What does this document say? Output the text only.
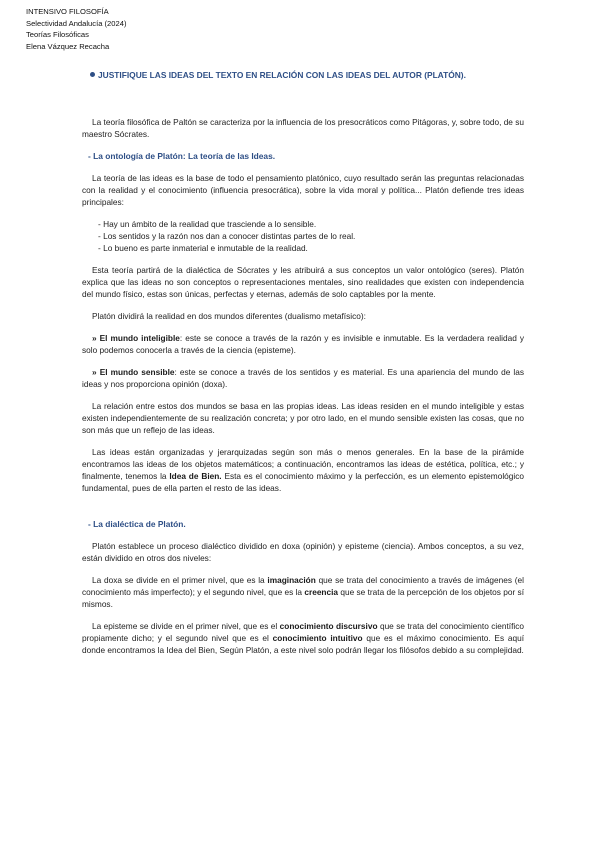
INTENSIVO FILOSOFÍA
Selectividad Andalucía (2024)
Teorías Filosóficas
Elena Vázquez Recacha
JUSTIFIQUE LAS IDEAS DEL TEXTO EN RELACIÓN CON LAS IDEAS DEL AUTOR (PLATÓN).

La teoría filosófica de Paltón se caracteriza por la influencia de los presocráticos como Pitágoras, y, sobre todo, de su maestro Sócrates.

- La ontología de Platón: La teoría de las Ideas.

La teoría de las ideas es la base de todo el pensamiento platónico, cuyo resultado serán las preguntas relacionadas con la realidad y el conocimiento (influencia presocrática), sobre la vida moral y política... Platón defiende tres ideas principales:

- Hay un ámbito de la realidad que trasciende a lo sensible.
- Los sentidos y la razón nos dan a conocer distintas partes de lo real.
- Lo bueno es parte inmaterial e inmutable de la realidad.

Esta teoría partirá de la dialéctica de Sócrates y les atribuirá a sus conceptos un valor ontológico (seres). Platón explica que las ideas no son conceptos o representaciones mentales, sino realidades que existen con independencia del mundo físico, estas son únicas, perfectas y eternas, además de solo captables por la mente.

Platón dividirá la realidad en dos mundos diferentes (dualismo metafísico):

» El mundo inteligible: este se conoce a través de la razón y es invisible e inmutable. Es la verdadera realidad y solo podemos conocerla a través de la ciencia (episteme).

» El mundo sensible: este se conoce a través de los sentidos y es material. Es una apariencia del mundo de las ideas y nos proporciona opinión (doxa).

La relación entre estos dos mundos se basa en las propias ideas. Las ideas residen en el mundo inteligible y estas existen independientemente de su realización concreta; y por otro lado, en el mundo sensible existen las cosas, que no son más que un reflejo de las ideas.

Las ideas están organizadas y jerarquizadas según son más o menos generales. En la base de la pirámide encontramos las ideas de los objetos matemáticos; a continuación, encontramos las ideas de estética, política, etc.; y finalmente, tenemos la Idea de Bien. Esta es el conocimiento máximo y la perfección, es un elemento epistemológico fundamental, pues de ella parten el resto de las ideas.

- La dialéctica de Platón.

Platón establece un proceso dialéctico dividido en doxa (opinión) y episteme (ciencia). Ambos conceptos, a su vez, están dividido en otros dos niveles:

La doxa se divide en el primer nivel, que es la imaginación que se trata del conocimiento a través de imágenes (el conocimiento más imperfecto); y el segundo nivel, que es la creencia que se trata de la percepción de los objetos por sí mismos.

La episteme se divide en el primer nivel, que es el conocimiento discursivo que se trata del conocimiento científico propiamente dicho; y el segundo nivel que es el conocimiento intuitivo que es el máximo conocimiento. Es aquí donde encontramos la Idea del Bien, Según Platón, a este nivel solo podrán llegar los filósofos debido a su complejidad.
